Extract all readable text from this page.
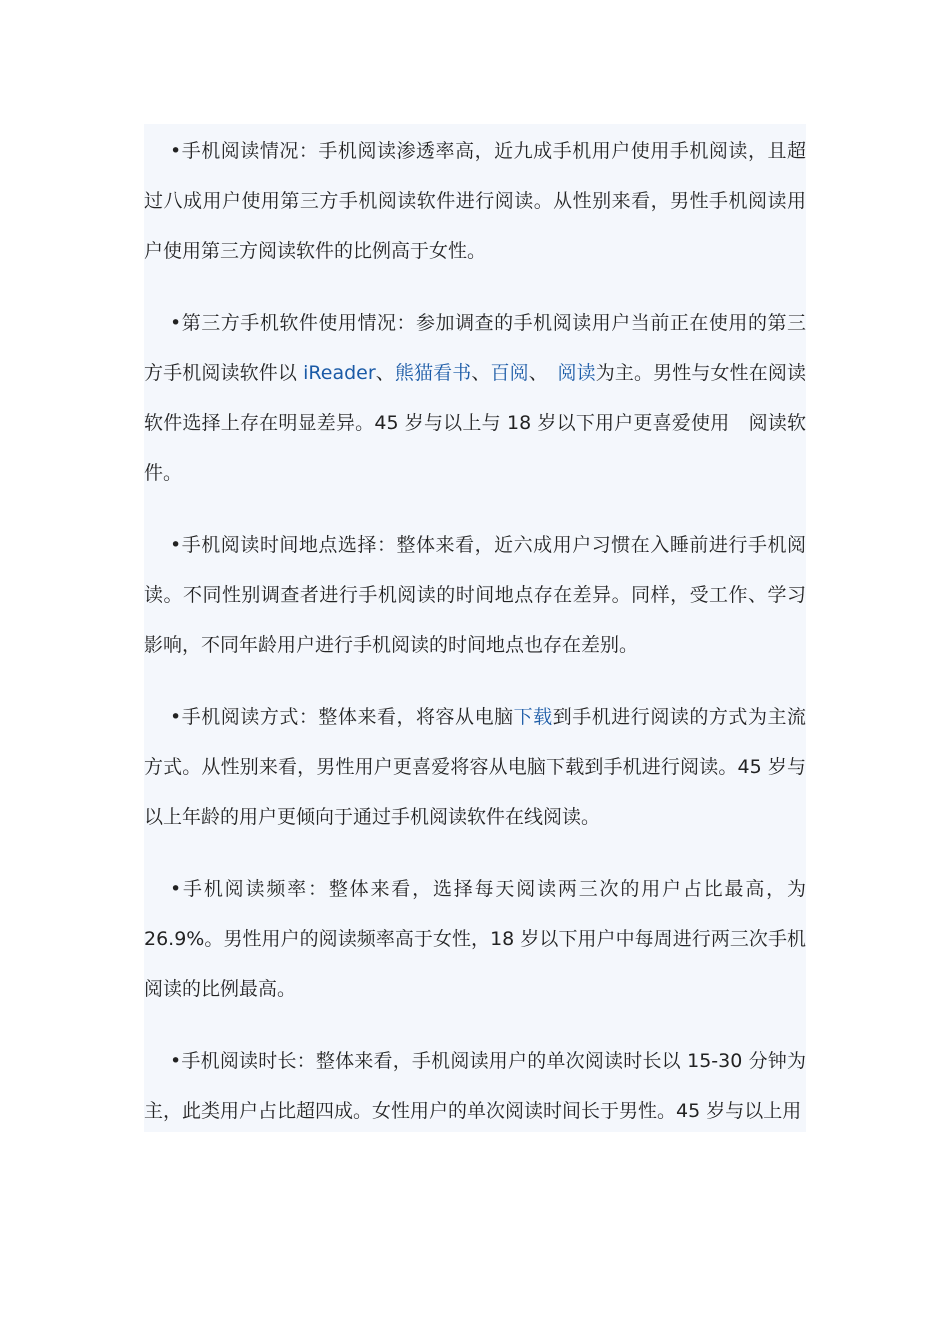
•手机阅读情况：手机阅读渗透率高，近九成手机用户使用手机阅读，且超过八成用户使用第三方手机阅读软件进行阅读。从性别来看，男性手机阅读用户使用第三方阅读软件的比例高于女性。

•第三方手机软件使用情况：参加调查的手机阅读用户当前正在使用的第三方手机阅读软件以 iReader、熊猫看书、百阅、　阅读为主。男性与女性在阅读软件选择上存在明显差异。45 岁与以上与 18 岁以下用户更喜爱使用　阅读软件。

•手机阅读时间地点选择：整体来看，近六成用户习惯在入睡前进行手机阅读。不同性别调查者进行手机阅读的时间地点存在差异。同样，受工作、学习影响，不同年龄用户进行手机阅读的时间地点也存在差别。

•手机阅读方式：整体来看，将容从电脑下载到手机进行阅读的方式为主流方式。从性别来看，男性用户更喜爱将容从电脑下载到手机进行阅读。45 岁与以上年龄的用户更倾向于通过手机阅读软件在线阅读。

•手机阅读频率：整体来看，选择每天阅读两三次的用户占比最高，为 26.9%。男性用户的阅读频率高于女性，18 岁以下用户中每周进行两三次手机阅读的比例最高。

•手机阅读时长：整体来看，手机阅读用户的单次阅读时长以 15-30 分钟为主，此类用户占比超四成。女性用户的单次阅读时间长于男性。45 岁与以上用
